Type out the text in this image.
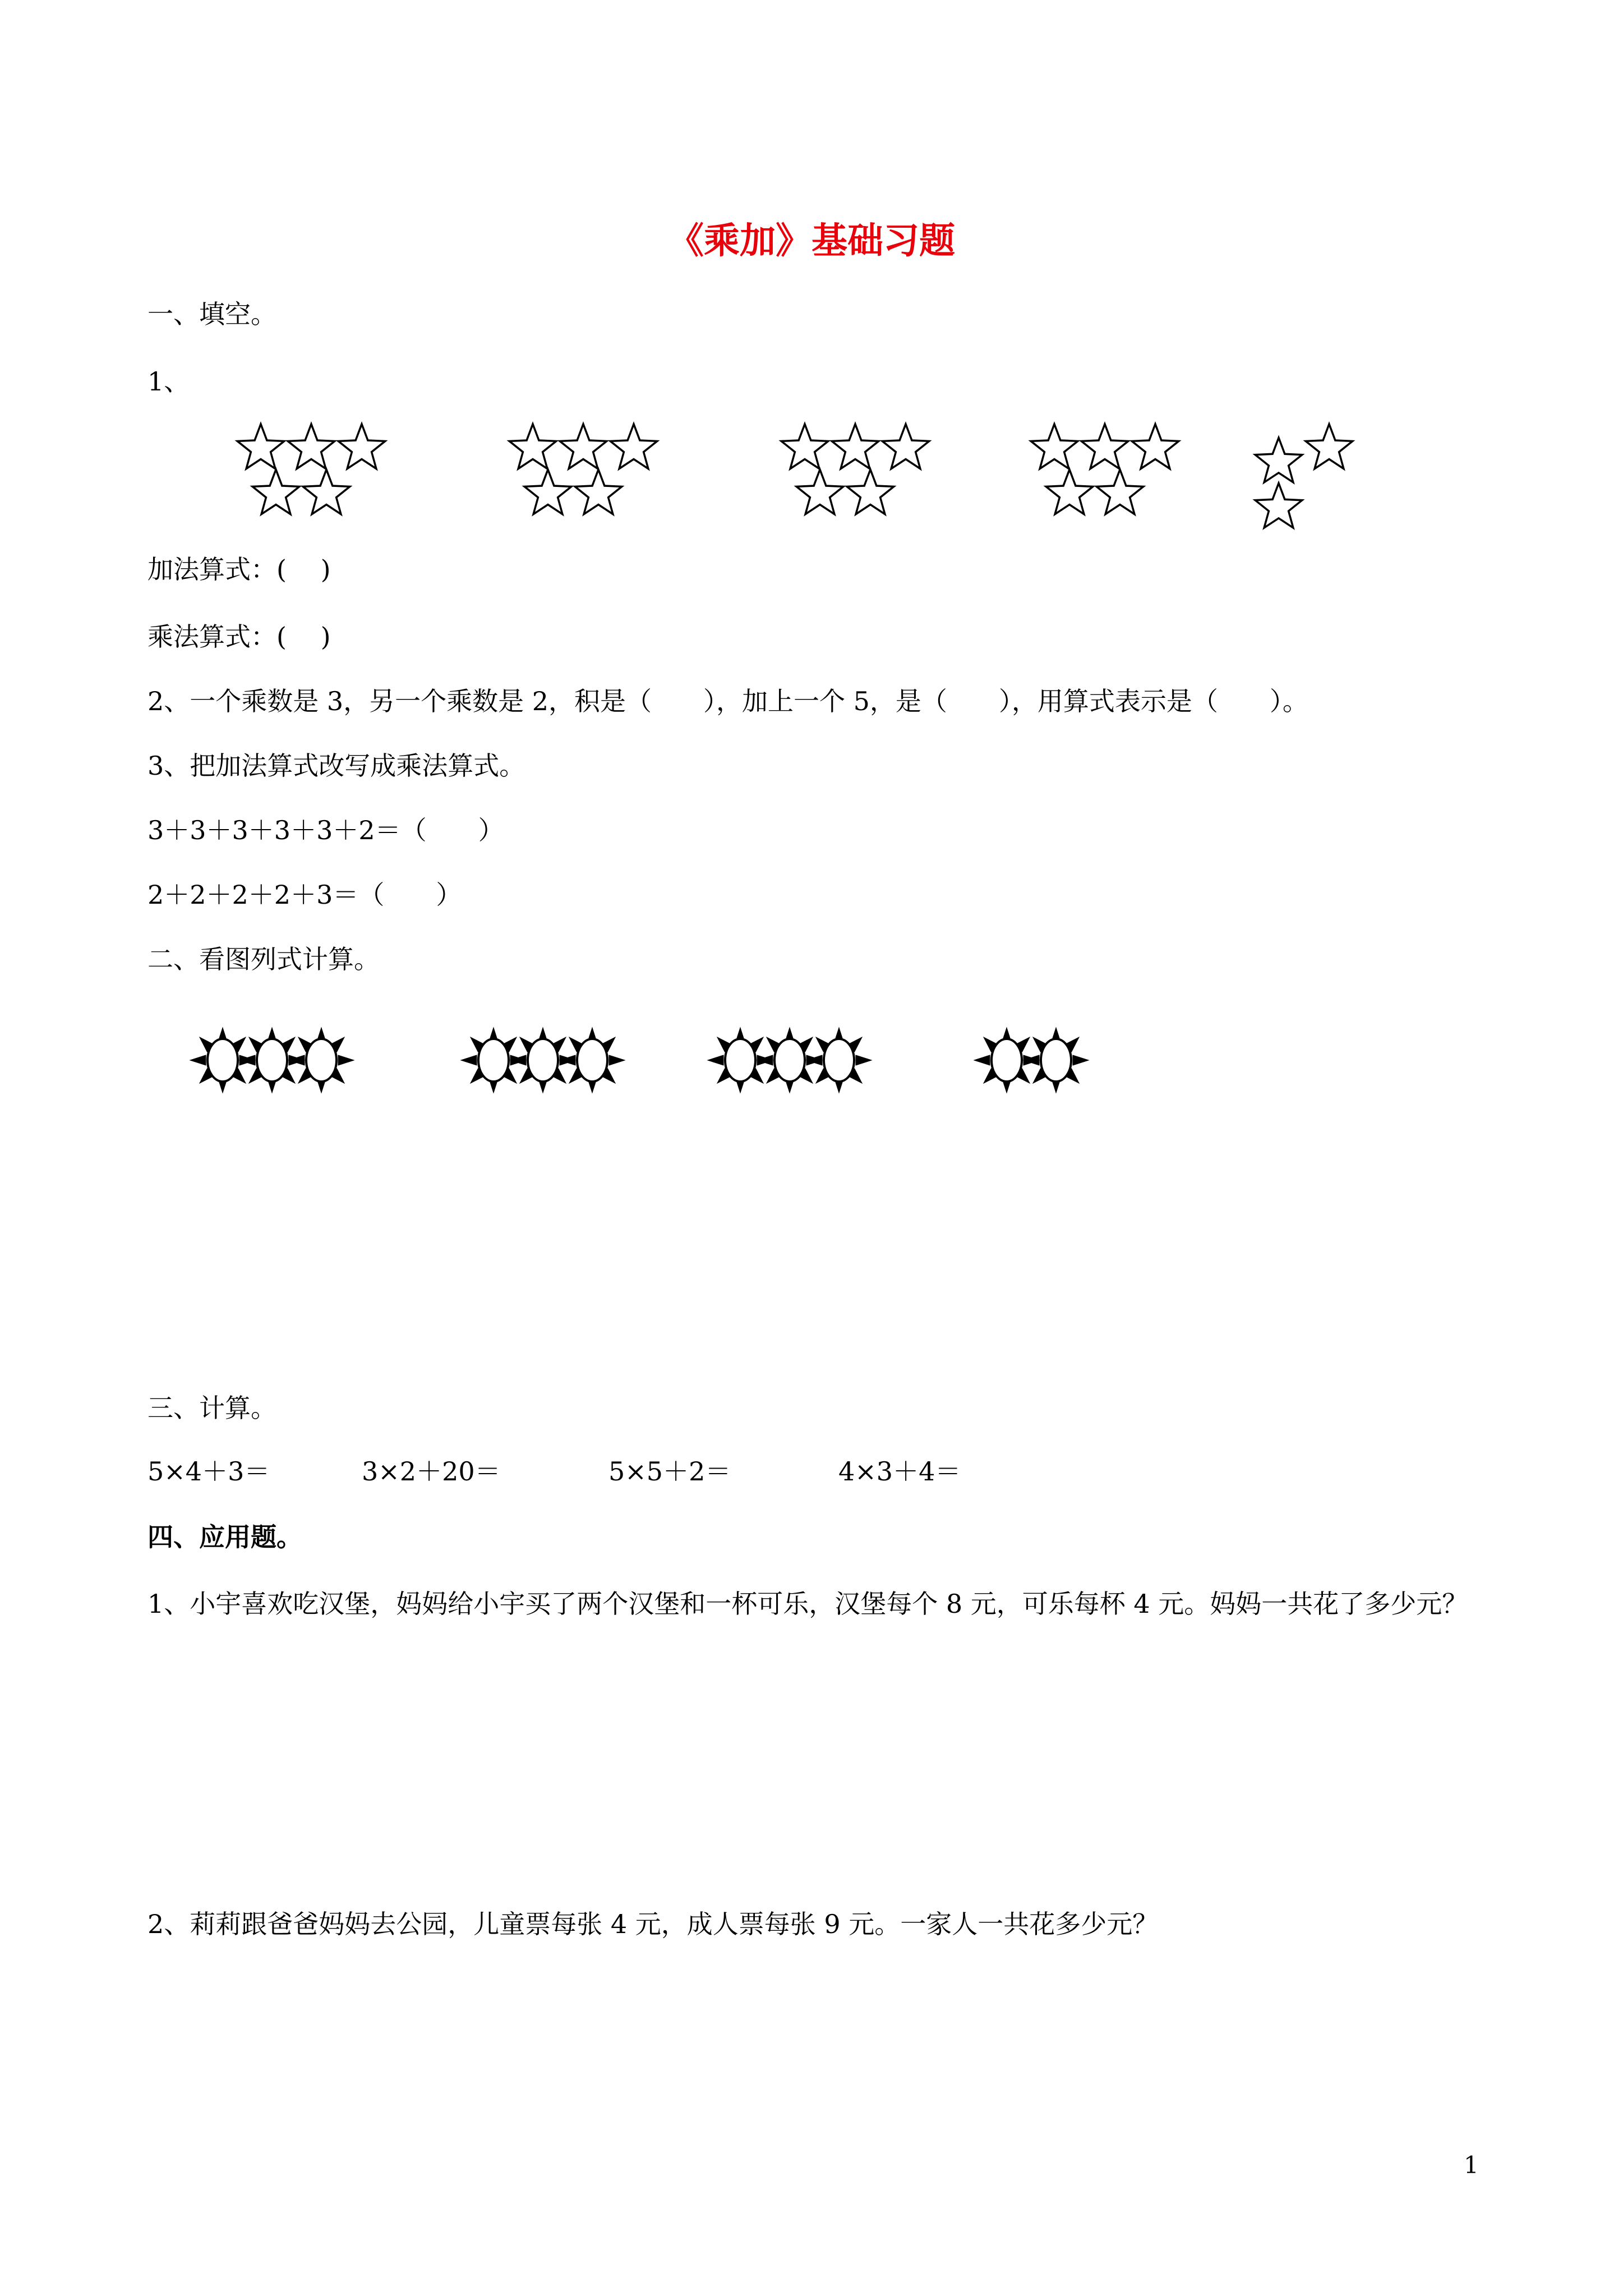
《乘加》基础习题

一、填空。

1、

加法算式：(　 )

乘法算式：(　 )

2、一个乘数是 3，另一个乘数是 2，积是（　　），加上一个 5，是（　　），用算式表示是（　　）。

3、把加法算式改写成乘法算式。

3＋3＋3＋3＋3＋2＝（　　）

2＋2＋2＋2＋3＝（　　）

二、看图列式计算。

三、计算。

5×4＋3＝	3×2＋20＝	5×5＋2＝	4×3＋4＝

四、应用题。

1、小宇喜欢吃汉堡，妈妈给小宇买了两个汉堡和一杯可乐，汉堡每个 8 元，可乐每杯 4 元。妈妈一共花了多少元？

2、莉莉跟爸爸妈妈去公园，儿童票每张 4 元，成人票每张 9 元。一家人一共花多少元？

1
